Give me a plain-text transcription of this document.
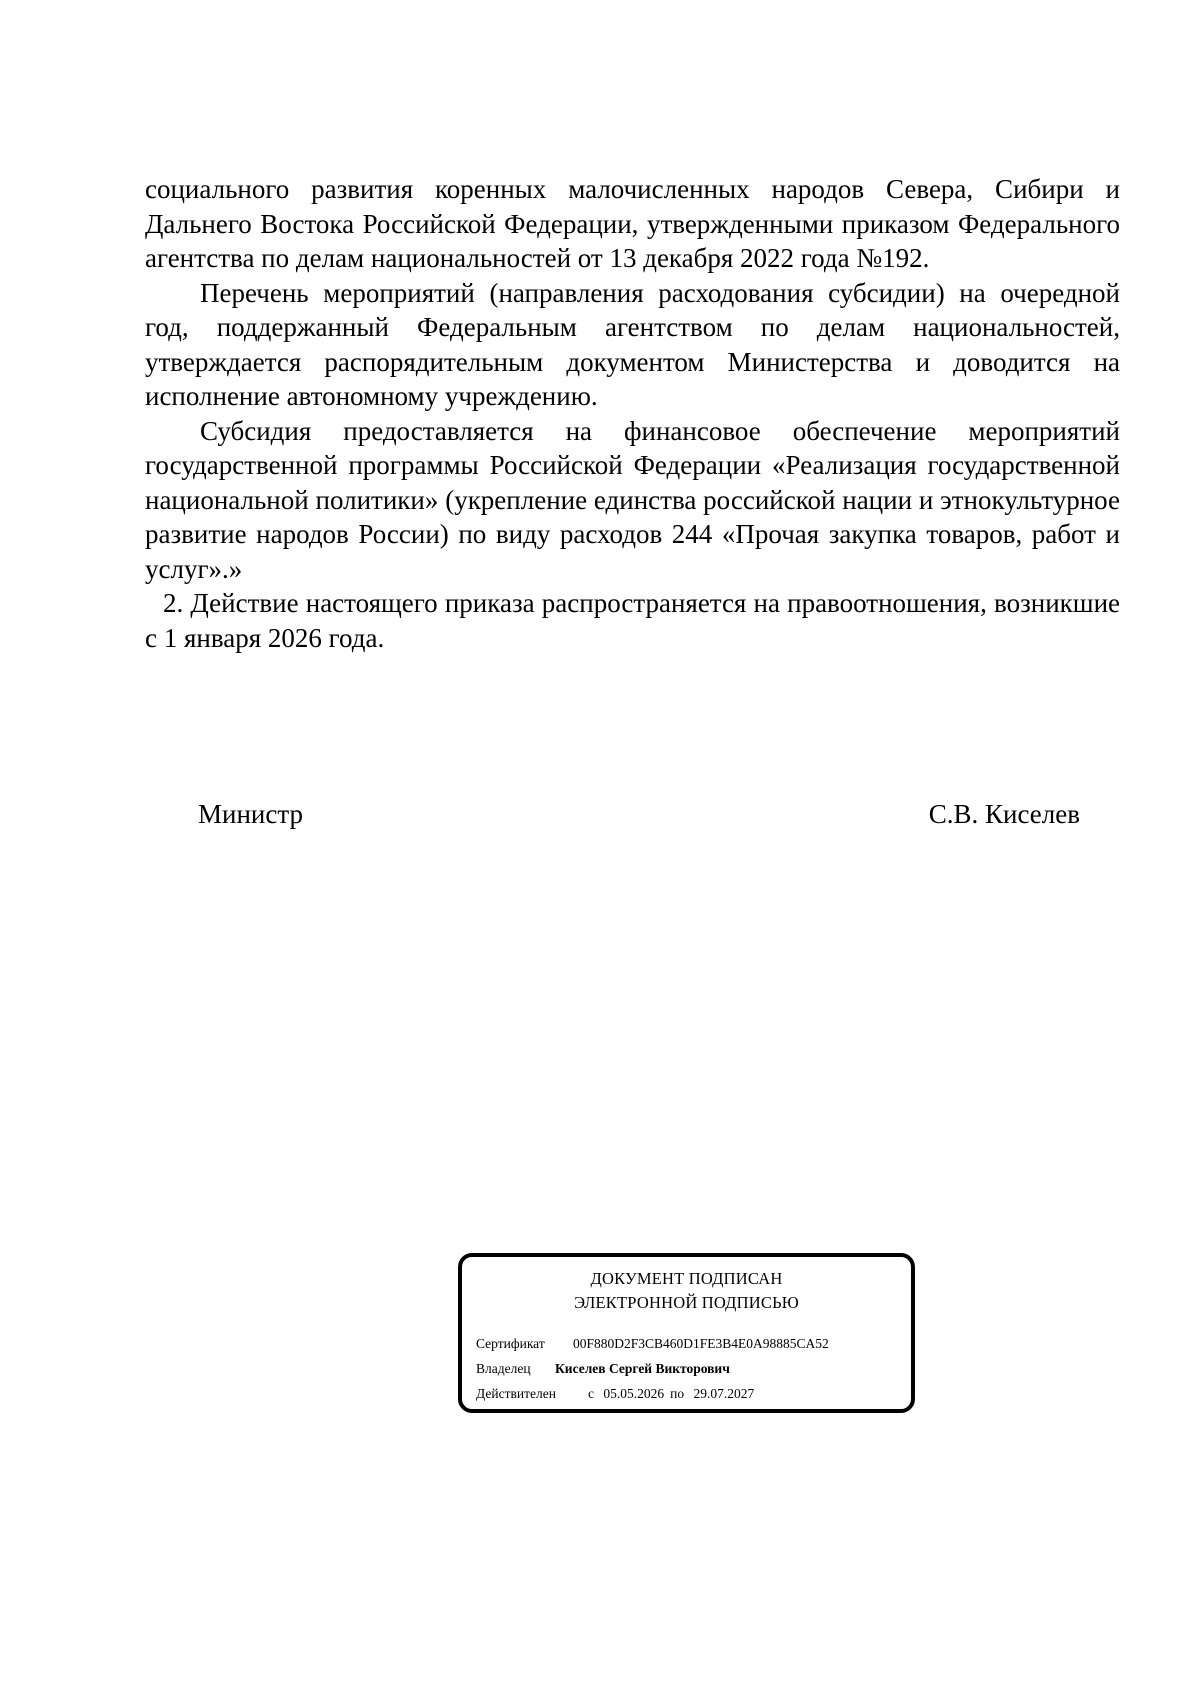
социального развития коренных малочисленных народов Севера, Сибири и Дальнего Востока Российской Федерации, утвержденными приказом Федерального агентства по делам национальностей от 13 декабря 2022 года №192.

Перечень мероприятий (направления расходования субсидии) на очередной год, поддержанный Федеральным агентством по делам национальностей, утверждается распорядительным документом Министерства и доводится на исполнение автономному учреждению.

Субсидия предоставляется на финансовое обеспечение мероприятий государственной программы Российской Федерации «Реализация государственной национальной политики» (укрепление единства российской нации и этнокультурное развитие народов России) по виду расходов 244 «Прочая закупка товаров, работ и услуг».»

2. Действие настоящего приказа распространяется на правоотношения, возникшие с 1 января 2026 года.

Министр	С.В. Киселев
ДОКУМЕНТ ПОДПИСАН
ЭЛЕКТРОННОЙ ПОДПИСЬЮ
Сертификат 00F880D2F3CB460D1FE3B4E0A98885CA52
Владелец Киселев Сергей Викторович
Действителен с 05.05.2026 по 29.07.2027
